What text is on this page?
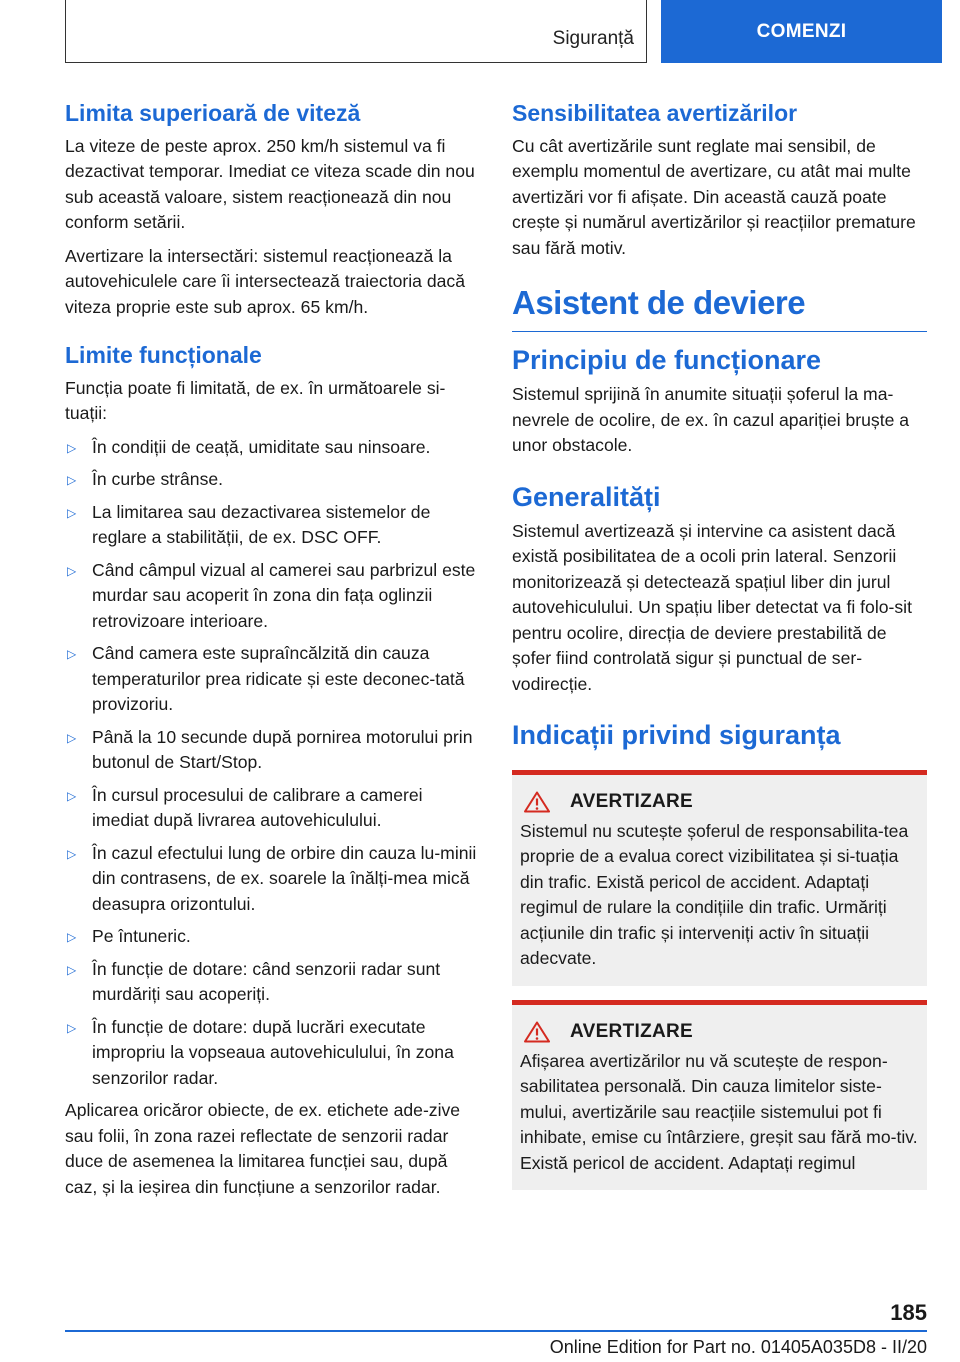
Siguranță	COMENZI
Limita superioară de viteză

La viteze de peste aprox. 250 km/h sistemul va fi dezactivat temporar. Imediat ce viteza scade din nou sub această valoare, sistem reacționează din nou conform setării.

Avertizare la intersectări: sistemul reacționează la autovehiculele care îi intersectează traiectoria dacă viteza proprie este sub aprox. 65 km/h.

Limite funcționale

Funcția poate fi limitată, de ex. în următoarele si-tuații:

▷ În condiții de ceață, umiditate sau ninsoare.
▷ În curbe strânse.
▷ La limitarea sau dezactivarea sistemelor de reglare a stabilității, de ex. DSC OFF.
▷ Când câmpul vizual al camerei sau parbrizul este murdar sau acoperit în zona din fața oglinzii retrovizoare interioare.
▷ Când camera este supraîncălzită din cauza temperaturilor prea ridicate și este deconec-tată provizoriu.
▷ Până la 10 secunde după pornirea motorului prin butonul de Start/Stop.
▷ În cursul procesului de calibrare a camerei imediat după livrarea autovehiculului.
▷ În cazul efectului lung de orbire din cauza lu-minii din contrasens, de ex. soarele la înălți-mea mică deasupra orizontului.
▷ Pe întuneric.
▷ În funcție de dotare: când senzorii radar sunt murdăriți sau acoperiți.
▷ În funcție de dotare: după lucrări executate impropriu la vopseaua autovehiculului, în zona senzorilor radar.

Aplicarea oricăror obiecte, de ex. etichete ade-zive sau folii, în zona razei reflectate de senzorii radar duce de asemenea la limitarea funcției sau, după caz, și la ieșirea din funcțiune a senzorilor radar.

Sensibilitatea avertizărilor

Cu cât avertizările sunt reglate mai sensibil, de exemplu momentul de avertizare, cu atât mai multe avertizări vor fi afișate. Din această cauză poate crește și numărul avertizărilor și reacțiilor premature sau fără motiv.

Asistent de deviere
Principiu de funcționare

Sistemul sprijină în anumite situații șoferul la ma-nevrele de ocolire, de ex. în cazul apariției bruște a unor obstacole.

Generalități

Sistemul avertizează și intervine ca asistent dacă există posibilitatea de a ocoli prin lateral. Senzorii monitorizează și detectează spațiul liber din jurul autovehiculului. Un spațiu liber detectat va fi folo-sit pentru ocolire, direcția de deviere prestabilită de șofer fiind controlată sigur și punctual de ser-vodirecție.

Indicații privind siguranța
AVERTIZARE

Sistemul nu scutește șoferul de responsabilita-tea proprie de a evalua corect vizibilitatea și si-tuația din trafic. Există pericol de accident. Adaptați regimul de rulare la condițiile din trafic. Urmăriți acțiunile din trafic și interveniți activ în situații adecvate.

AVERTIZARE

Afișarea avertizărilor nu vă scutește de respon-sabilitatea personală. Din cauza limitelor siste-mului, avertizările sau reacțiile sistemului pot fi inhibate, emise cu întârziere, greșit sau fără mo-tiv. Există pericol de accident. Adaptați regimul

185
Online Edition for Part no. 01405A035D8 - II/20
